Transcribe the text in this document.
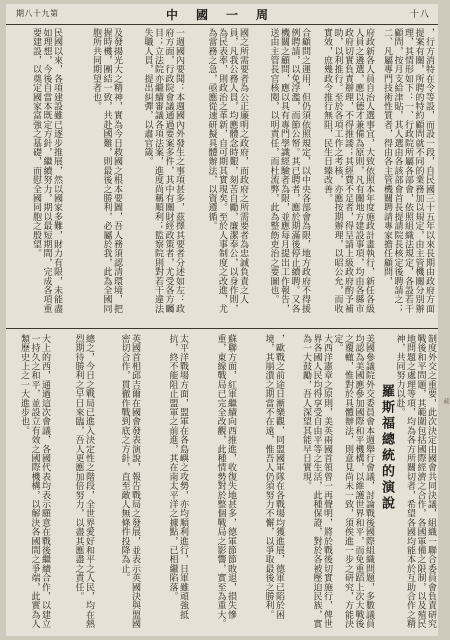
期八十九第	中國一周	十八
，行方消特在令等設，而設一段，自民國三十五年以來長期由政府方面提案有關，所聘的特約顧問就不同的業務加以規定，由主管機關分別辦理，其情形如下：一、行政院所屬各部會，依照組織法規定，各設若干顧問，按月支給津貼，其人選由各該部會首長提請院長核定後聘請之；二、凡屬專門技術性質者，得由各主管機關聘請專家擔任顧問，
府政新各人員自治人選事宜，大致依照本年度施政計畫執行，新任各級人員之遴選，應以德才兼備為原則，凡有關地方建設事項，均由各縣市政府切實負責辦理，不得推諉；其經費不足者，得呈請上級政府酌予補助，以利推行。至於各項工作之考核，亦應按期辦理，以昭公允，而收實效，庶幾政令推行無阻，民生日臻改善。
合顧問之運用，但仍須依照規定，以中央各部會為限，地方政府不得援例聘請，以免浮濫，而節公帑。其已聘者，應於期滿後停止續聘。又各機關之顧問，應以具有專門學識經驗者為限，並應每月提出工作報告，送由主管長官核閱，以明責任，而杜流弊，此為整飭吏治之要圖也。
國之所需要者為公正廉明之政府，而政府之所需要者為忠誠負責之人員，凡我公務人員，均應體念時艱，刻苦自勵，廉潔奉公，以身作則，為民表率，則政治之革新，自可期其實現矣。至於人事制度之改進，尤為當務之急，亟應從速研擬具體辦法，以資遵循。
一週國內要聞：本週國內外發生之事項甚多，茲擇其要者分述如左：政府方面，行政院會議通過要案多件，其中有關財經政策者，尤受各方矚目；立法院亦繼續審議各項法案，進度尚稱順利；監察院則對若干違法失職人員，提出糾彈，以肅官箴。
及發揚光大之精神，實為今日救國之根本要圖，吾人務須認清環境，把握時機，團結一致，共赴國難，則最後之勝利，必屬於我，此為全國同胞所共同期望者也。
民國以來，各項建設雖已逐步推展，然以國家多難，財力有限，未能盡如理想，今後自當本既定方針，繼續努力，期以最短期間，完成各項重要建設，以奠定國家富強之基礎，而慰全國同胞之殷望。
羅斯福總統的演說	制度外交之重要，此次決定由國會共同決議，組織一聯合委員會負責研究戰後和平問題，其範圍包括國際經濟之合作，各國軍備之限制，以及殖民地問題之處理等項，均為各方所關切者，希望各國均能本於互助合作之精神，共同努力以赴。
美國參議院外交委員會本週舉行會議，討論戰後國際組織問題，多數議員均認為美國應參加國際和平機構，以維護世界和平，而免重蹈上次大戰後之覆轍，惟對於具體辦法，則意見尚未一致，須俟進一步之研究，方能決定。
大西洋憲章之原則，美英兩國首領曾一再聲明，將於戰後切實施行，俾世界各國人民均得享受自由平等之生活，此種保證，對於各被壓迫民族，實為一大鼓勵，吾人深望其能早日實現。
，歐戰之前途日漸樂觀，同盟國軍隊在各戰場均獲進展，德軍已陷於困境，其崩潰之期當不在遠，惟吾人仍須努力不懈，以爭取最後之勝利。
蘇聯方面，紅軍繼續向西推進，收復失地甚多，德軍節節敗退，損失慘重，東線戰局已完全改觀，此種情勢對於整個戰局之影響，實至為重大。
太平洋戰場方面，盟軍在各島嶼之攻勢，亦均順利進行，日軍雖頑強抵抗，終不能阻止盟軍之前進，其在南太平洋之據點，已相繼陷落。
英國首相邱吉爾在國會發表演說，報告戰局之發展，並表示英國決與盟國密切合作，貫徹作戰到底之方針，直至敵人無條件投降為止。
總之，今日之戰局已進入決定性之階段，全世界愛好和平之人民，均在熱烈期待勝利之早日來臨，吾人更應加倍努力，以盡其應盡之責任。
大上的西，通過這次會議，各國代表均表示願意在戰後繼續合作，以建立一持久之和平，並設立有效之國際機構，以解決各國間之爭端，此實為人類歷史上之一大進步也。	藏
